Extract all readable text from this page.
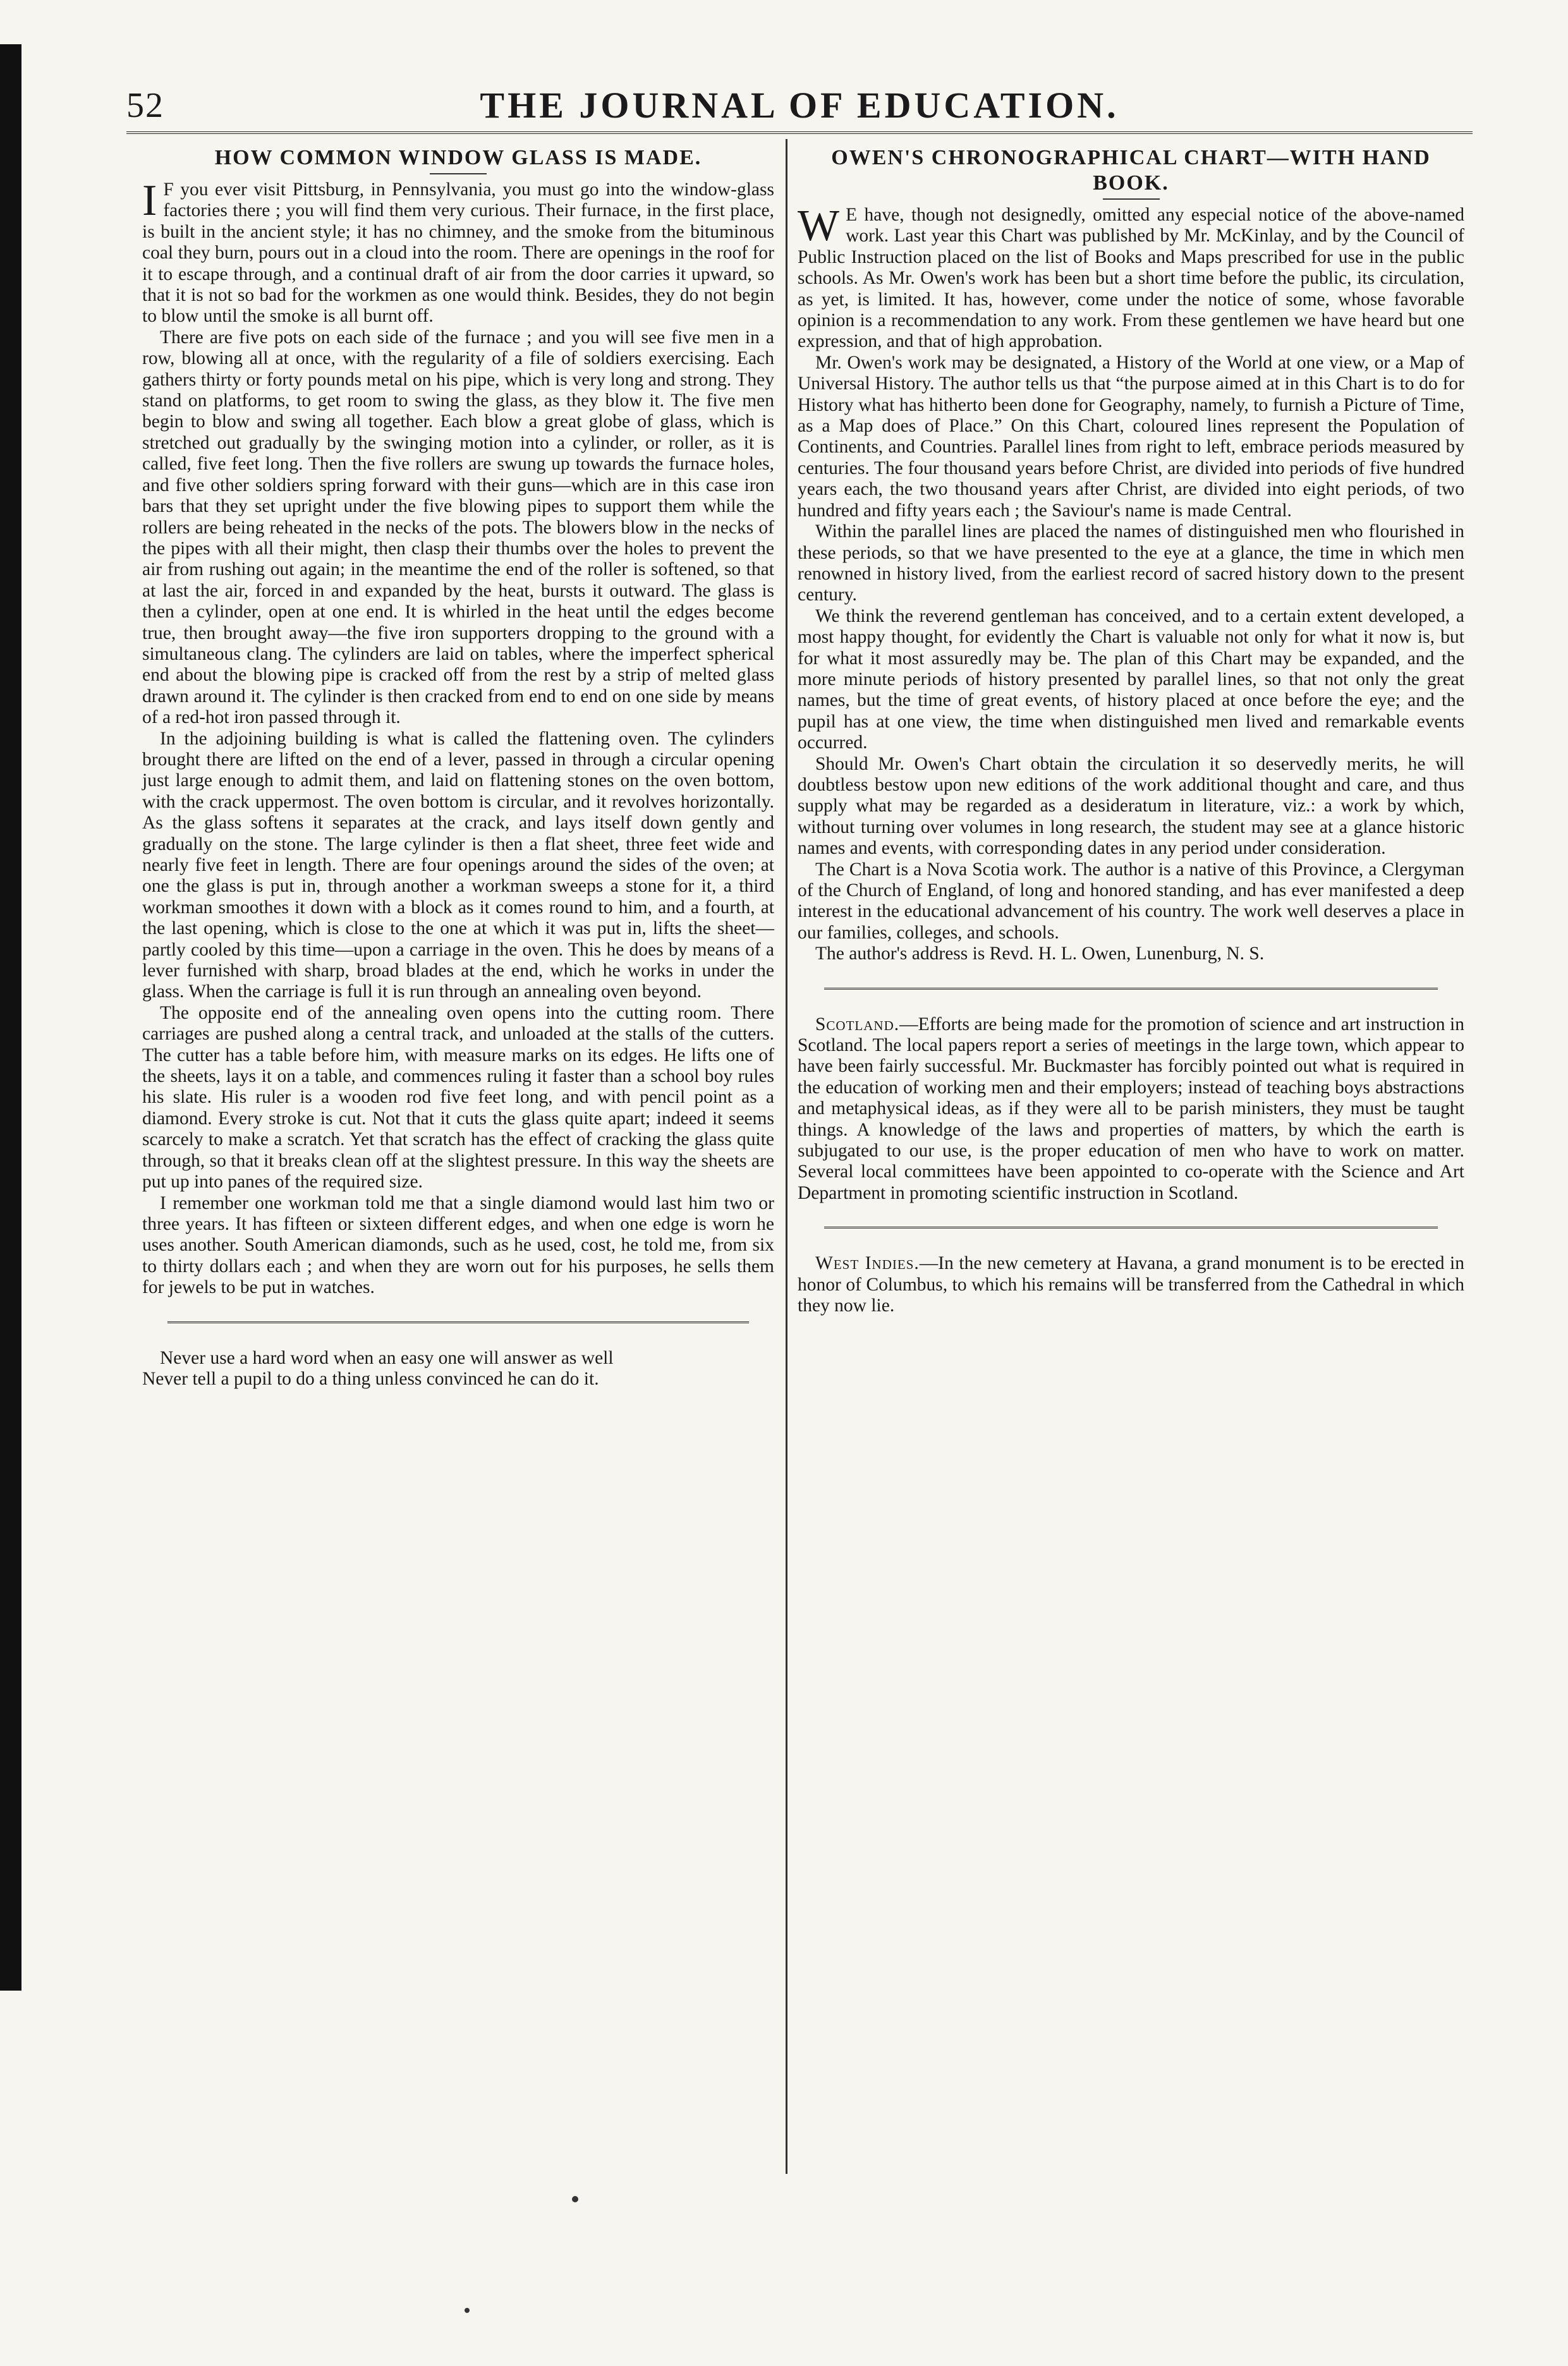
52	THE JOURNAL OF EDUCATION.
HOW COMMON WINDOW GLASS IS MADE.

I F you ever visit Pittsburg, in Pennsylvania, you must go into the window-glass factories there ; you will find them very curious. Their furnace, in the first place, is built in the ancient style; it has no chimney, and the smoke from the bituminous coal they burn, pours out in a cloud into the room. There are openings in the roof for it to escape through, and a continual draft of air from the door carries it upward, so that it is not so bad for the workmen as one would think. Besides, they do not begin to blow until the smoke is all burnt off.

There are five pots on each side of the furnace ; and you will see five men in a row, blowing all at once, with the regularity of a file of soldiers exercising. Each gathers thirty or forty pounds metal on his pipe, which is very long and strong. They stand on platforms, to get room to swing the glass, as they blow it. The five men begin to blow and swing all together. Each blow a great globe of glass, which is stretched out gradually by the swinging motion into a cylinder, or roller, as it is called, five feet long. Then the five rollers are swung up towards the furnace holes, and five other soldiers spring forward with their guns—which are in this case iron bars that they set upright under the five blowing pipes to support them while the rollers are being reheated in the necks of the pots. The blowers blow in the necks of the pipes with all their might, then clasp their thumbs over the holes to prevent the air from rushing out again; in the meantime the end of the roller is softened, so that at last the air, forced in and expanded by the heat, bursts it outward. The glass is then a cylinder, open at one end. It is whirled in the heat until the edges become true, then brought away—the five iron supporters dropping to the ground with a simultaneous clang. The cylinders are laid on tables, where the imperfect spherical end about the blowing pipe is cracked off from the rest by a strip of melted glass drawn around it. The cylinder is then cracked from end to end on one side by means of a red-hot iron passed through it.

In the adjoining building is what is called the flattening oven. The cylinders brought there are lifted on the end of a lever, passed in through a circular opening just large enough to admit them, and laid on flattening stones on the oven bottom, with the crack uppermost. The oven bottom is circular, and it revolves horizontally. As the glass softens it separates at the crack, and lays itself down gently and gradually on the stone. The large cylinder is then a flat sheet, three feet wide and nearly five feet in length. There are four openings around the sides of the oven; at one the glass is put in, through another a workman sweeps a stone for it, a third workman smoothes it down with a block as it comes round to him, and a fourth, at the last opening, which is close to the one at which it was put in, lifts the sheet—partly cooled by this time—upon a carriage in the oven. This he does by means of a lever furnished with sharp, broad blades at the end, which he works in under the glass. When the carriage is full it is run through an annealing oven beyond.

The opposite end of the annealing oven opens into the cutting room. There carriages are pushed along a central track, and unloaded at the stalls of the cutters. The cutter has a table before him, with measure marks on its edges. He lifts one of the sheets, lays it on a table, and commences ruling it faster than a school boy rules his slate. His ruler is a wooden rod five feet long, and with pencil point as a diamond. Every stroke is cut. Not that it cuts the glass quite apart; indeed it seems scarcely to make a scratch. Yet that scratch has the effect of cracking the glass quite through, so that it breaks clean off at the slightest pressure. In this way the sheets are put up into panes of the required size.

I remember one workman told me that a single diamond would last him two or three years. It has fifteen or sixteen different edges, and when one edge is worn he uses another. South American diamonds, such as he used, cost, he told me, from six to thirty dollars each ; and when they are worn out for his purposes, he sells them for jewels to be put in watches.

Never use a hard word when an easy one will answer as well

Never tell a pupil to do a thing unless convinced he can do it.

OWEN'S CHRONOGRAPHICAL CHART—WITH HAND BOOK.

W E have, though not designedly, omitted any especial notice of the above-named work. Last year this Chart was published by Mr. McKinlay, and by the Council of Public Instruction placed on the list of Books and Maps prescribed for use in the public schools. As Mr. Owen's work has been but a short time before the public, its circulation, as yet, is limited. It has, however, come under the notice of some, whose favorable opinion is a recommendation to any work. From these gentlemen we have heard but one expression, and that of high approbation.

Mr. Owen's work may be designated, a History of the World at one view, or a Map of Universal History. The author tells us that “the purpose aimed at in this Chart is to do for History what has hitherto been done for Geography, namely, to furnish a Picture of Time, as a Map does of Place.” On this Chart, coloured lines represent the Population of Continents, and Countries. Parallel lines from right to left, embrace periods measured by centuries. The four thousand years before Christ, are divided into periods of five hundred years each, the two thousand years after Christ, are divided into eight periods, of two hundred and fifty years each ; the Saviour's name is made Central.

Within the parallel lines are placed the names of distinguished men who flourished in these periods, so that we have presented to the eye at a glance, the time in which men renowned in history lived, from the earliest record of sacred history down to the present century.

We think the reverend gentleman has conceived, and to a certain extent developed, a most happy thought, for evidently the Chart is valuable not only for what it now is, but for what it most assuredly may be. The plan of this Chart may be expanded, and the more minute periods of history presented by parallel lines, so that not only the great names, but the time of great events, of history placed at once before the eye; and the pupil has at one view, the time when distinguished men lived and remarkable events occurred.

Should Mr. Owen's Chart obtain the circulation it so deservedly merits, he will doubtless bestow upon new editions of the work additional thought and care, and thus supply what may be regarded as a desideratum in literature, viz.: a work by which, without turning over volumes in long research, the student may see at a glance historic names and events, with corresponding dates in any period under consideration.

The Chart is a Nova Scotia work. The author is a native of this Province, a Clergyman of the Church of England, of long and honored standing, and has ever manifested a deep interest in the educational advancement of his country. The work well deserves a place in our families, colleges, and schools.

The author's address is Revd. H. L. Owen, Lunenburg, N. S.

Scotland.—Efforts are being made for the promotion of science and art instruction in Scotland. The local papers report a series of meetings in the large town, which appear to have been fairly successful. Mr. Buckmaster has forcibly pointed out what is required in the education of working men and their employers; instead of teaching boys abstractions and metaphysical ideas, as if they were all to be parish ministers, they must be taught things. A knowledge of the laws and properties of matters, by which the earth is subjugated to our use, is the proper education of men who have to work on matter. Several local committees have been appointed to co-operate with the Science and Art Department in promoting scientific instruction in Scotland.

West Indies.—In the new cemetery at Havana, a grand monument is to be erected in honor of Columbus, to which his remains will be transferred from the Cathedral in which they now lie.
